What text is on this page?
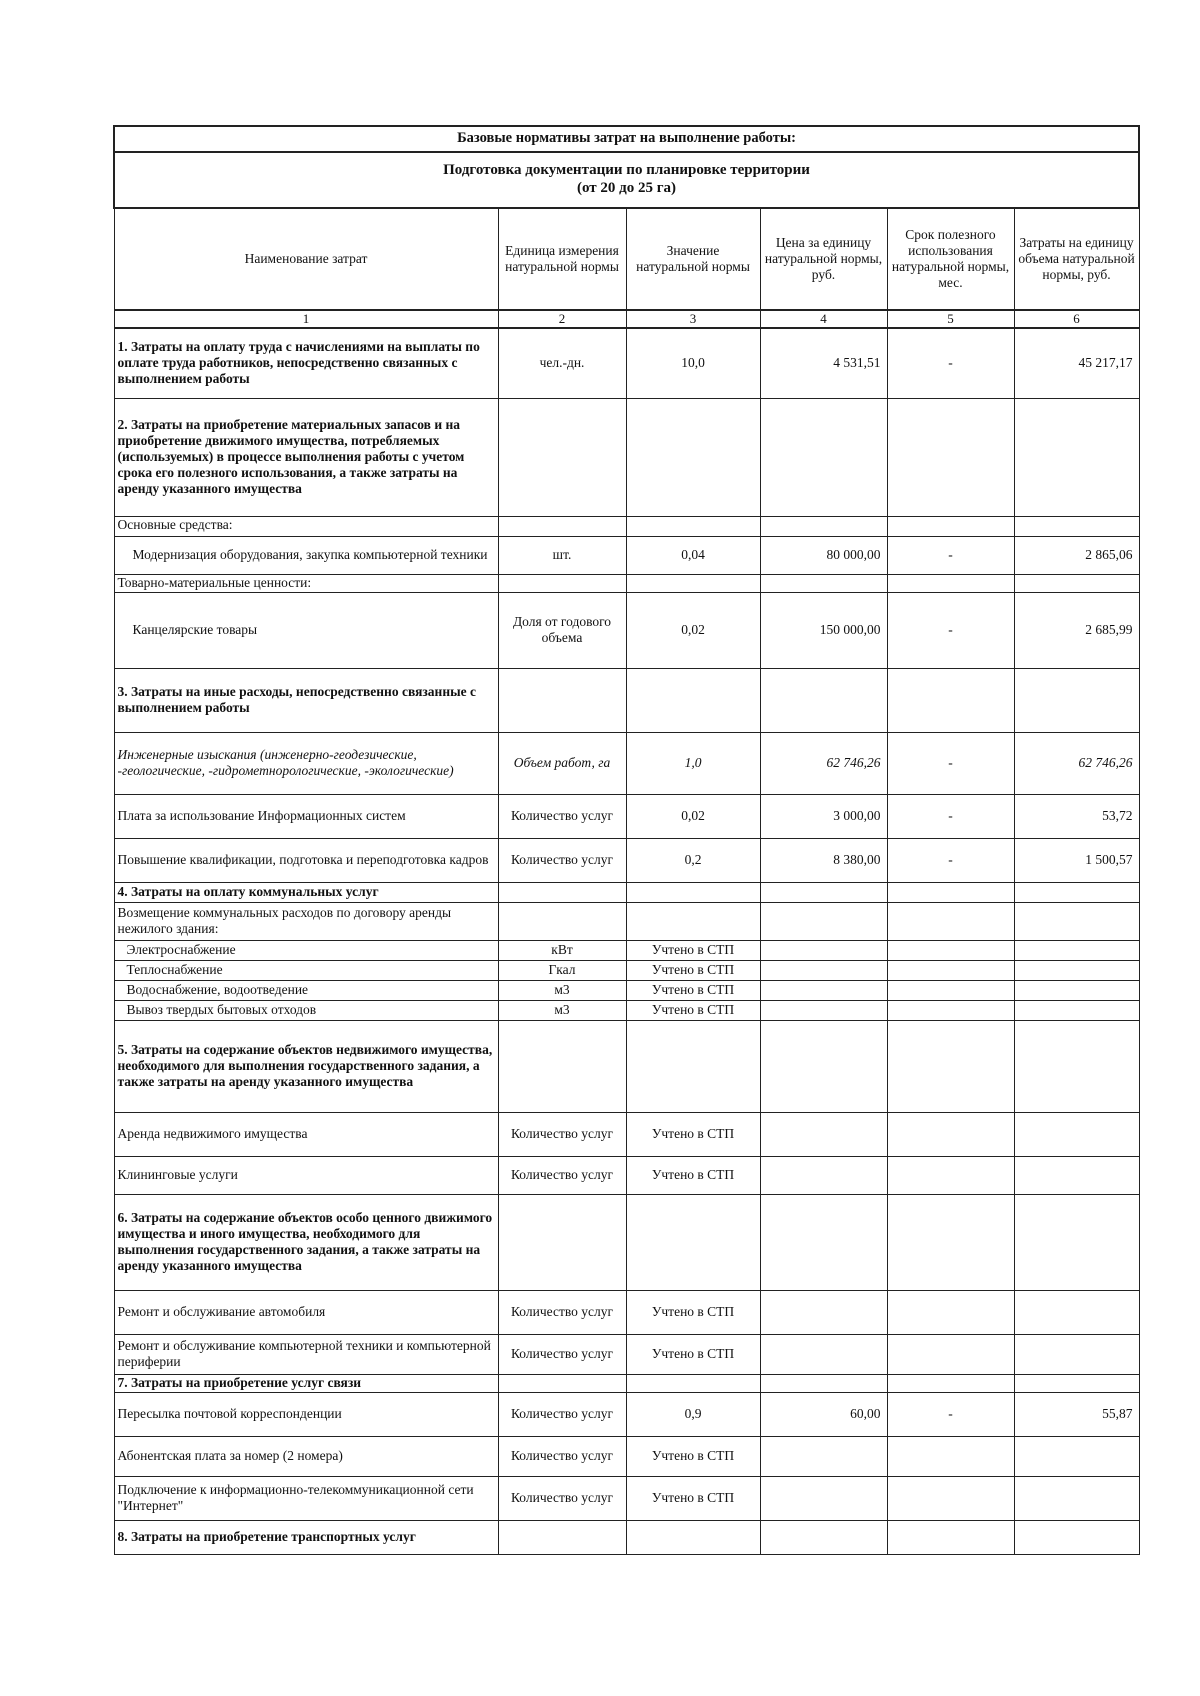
Базовые нормативы затрат на выполнение работы:					

Подготовка документации по планировке территории
(от 20 до 25 га)					

Наименование затрат	Единица измерения натуральной нормы	Значение натуральной нормы	Цена за единицу натуральной нормы, руб.	Срок полезного использования натуральной нормы, мес.	Затраты на единицу объема натуральной нормы, руб.
1	2	3	4	5	6
1. Затраты на оплату труда с начислениями на выплаты по оплате труда работников, непосредственно связанных с выполнением работы	чел.-дн.	10,0	4 531,51	-	45 217,17
2. Затраты на приобретение материальных запасов и на приобретение движимого имущества, потребляемых (используемых) в процессе выполнения работы с учетом срока его полезного использования, а также затраты на аренду указанного имущества					
Основные средства:					
Модернизация оборудования, закупка компьютерной техники	шт.	0,04	80 000,00	-	2 865,06
Товарно-материальные ценности:					
Канцелярские товары	Доля от годового объема	0,02	150 000,00	-	2 685,99
3. Затраты на иные расходы, непосредственно связанные с выполнением работы					
Инженерные изыскания (инженерно-геодезические, -геологические, -гидрометнорологические, -экологические)	Объем работ, га	1,0	62 746,26	-	62 746,26
Плата за использование Информационных систем	Количество услуг	0,02	3 000,00	-	53,72
Повышение квалификации, подготовка и переподготовка кадров	Количество услуг	0,2	8 380,00	-	1 500,57
4. Затраты на оплату коммунальных услуг					
Возмещение коммунальных расходов по договору аренды нежилого здания:					
Электроснабжение	кВт	Учтено в СТП			
Теплоснабжение	Гкал	Учтено в СТП			
Водоснабжение, водоотведение	м3	Учтено в СТП			
Вывоз твердых бытовых отходов	м3	Учтено в СТП			
5. Затраты на содержание объектов недвижимого имущества, необходимого для выполнения государственного задания, а также затраты на аренду указанного имущества					
Аренда недвижимого имущества	Количество услуг	Учтено в СТП			
Клининговые услуги	Количество услуг	Учтено в СТП			
6. Затраты на содержание объектов особо ценного движимого имущества и иного имущества, необходимого для выполнения государственного задания, а также затраты на аренду указанного имущества					
Ремонт и обслуживание автомобиля	Количество услуг	Учтено в СТП			
Ремонт и обслуживание компьютерной техники и компьютерной периферии	Количество услуг	Учтено в СТП			
7. Затраты на приобретение услуг связи					
Пересылка почтовой корреспонденции	Количество услуг	0,9	60,00	-	55,87
Абонентская плата за номер (2 номера)	Количество услуг	Учтено в СТП			
Подключение к информационно-телекоммуникационной сети "Интернет"	Количество услуг	Учтено в СТП			
8. Затраты на приобретение транспортных услуг					
